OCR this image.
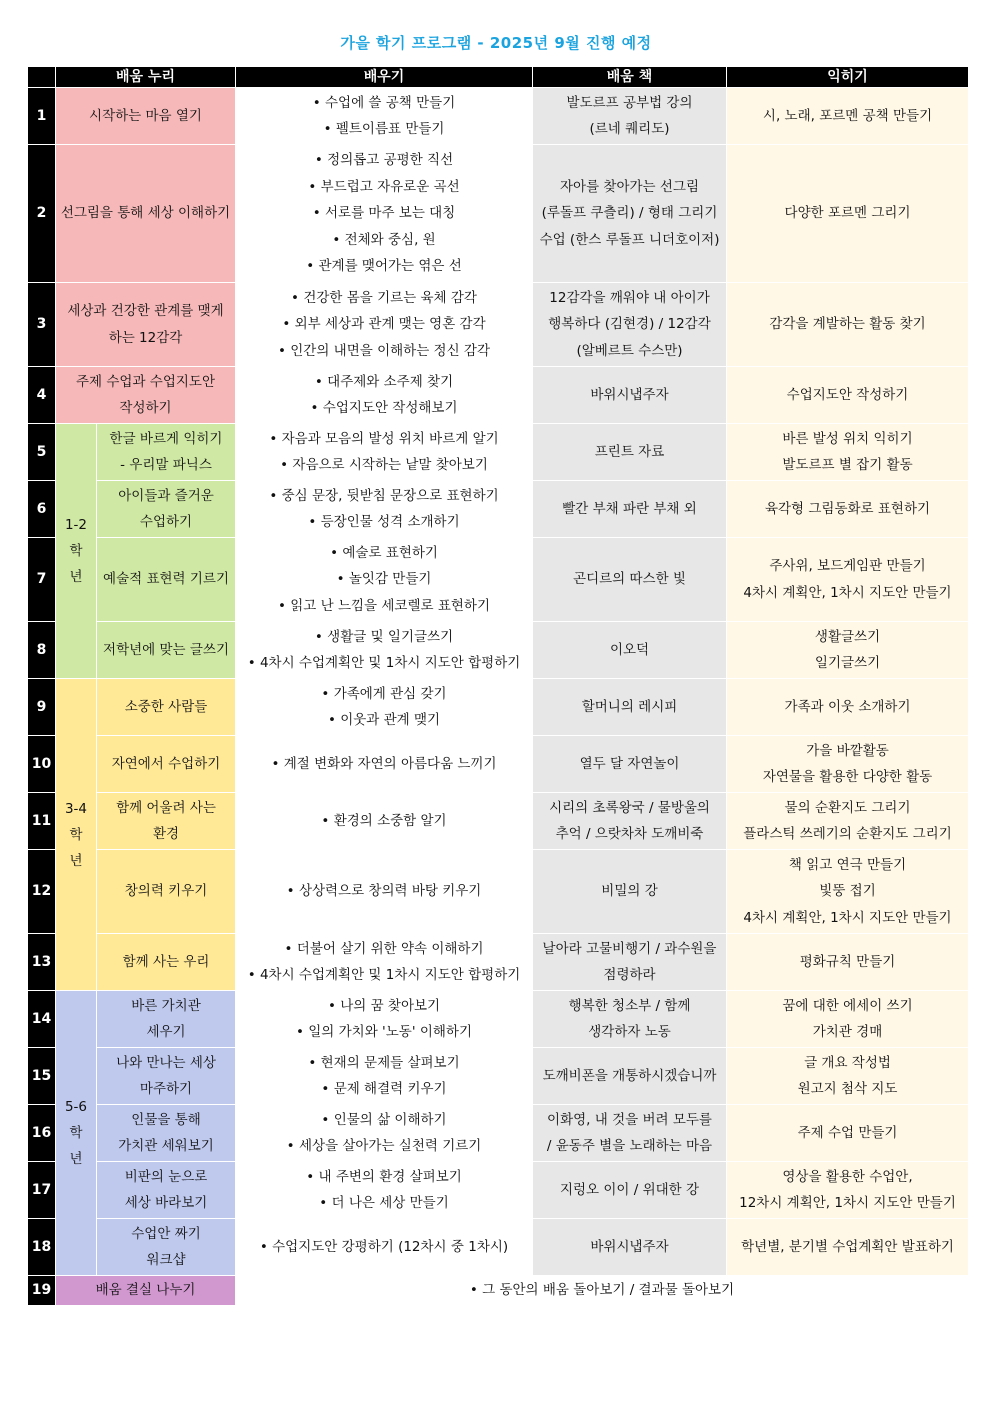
가을 학기 프로그램 - 2025년 9월 진행 예정
	배움 누리		배우기	배움 책	익히기
1	시작하는 마음 열기		• 수업에 쓸 공책 만들기
• 펠트이름표 만들기	발도르프 공부법 강의
(르네 퀘리도)	시, 노래, 포르멘 공책 만들기

2	선그림을 통해 세상 이해하기		• 정의롭고 공평한 직선
• 부드럽고 자유로운 곡선
• 서로를 마주 보는 대칭
• 전체와 중심, 원
• 관계를 맺어가는 엮은 선	자아를 찾아가는 선그림
(루돌프 쿠츨리) / 형태 그리기
수업 (한스 루돌프 니더호이저)	다양한 포르멘 그리기

3	세상과 건강한 관계를 맺게
하는 12감각		• 건강한 몸을 기르는 육체 감각
• 외부 세상과 관계 맺는 영혼 감각
• 인간의 내면을 이해하는 정신 감각	12감각을 깨워야 내 아이가
행복하다 (김현경) / 12감각
(알베르트 수스만)	감각을 계발하는 활동 찾기

4	주제 수업과 수업지도안
작성하기		• 대주제와 소주제 찾기
• 수업지도안 작성해보기	바위시냅주자	수업지도안 작성하기

5	1-2
학
년	한글 바르게 익히기
- 우리말 파닉스	• 자음과 모음의 발성 위치 바르게 알기
• 자음으로 시작하는 낱말 찾아보기	프린트 자료	바른 발성 위치 익히기
발도르프 별 잡기 활동

6		아이들과 즐거운
수업하기	• 중심 문장, 뒷받침 문장으로 표현하기
• 등장인물 성격 소개하기	빨간 부채 파란 부채 외	육각형 그림동화로 표현하기

7		예술적 표현력 기르기	• 예술로 표현하기
• 놀잇감 만들기
• 읽고 난 느낌을 세코렐로 표현하기	곤디르의 따스한 빛	주사위, 보드게임판 만들기
4차시 계획안, 1차시 지도안 만들기

8		저학년에 맞는 글쓰기	• 생활글 및 일기글쓰기
• 4차시 수업계획안 및 1차시 지도안 합평하기	이오덕	생활글쓰기
일기글쓰기

9	3-4
학
년	소중한 사람들	• 가족에게 관심 갖기
• 이웃과 관계 맺기	할머니의 레시피	가족과 이웃 소개하기

10		자연에서 수업하기	• 계절 변화와 자연의 아름다움 느끼기	열두 달 자연놀이	가을 바깥활동
자연물을 활용한 다양한 활동

11		함께 어울려 사는
환경	• 환경의 소중함 알기	시리의 초록왕국 / 물방울의
추억 / 으랏차차 도깨비죽	물의 순환지도 그리기
플라스틱 쓰레기의 순환지도 그리기

12		창의력 키우기	• 상상력으로 창의력 바탕 키우기	비밀의 강	책 읽고 연극 만들기
빛뚱 접기
4차시 계획안, 1차시 지도안 만들기

13		함께 사는 우리	• 더불어 살기 위한 약속 이해하기
• 4차시 수업계획안 및 1차시 지도안 합평하기	날아라 고물비행기 / 과수원을
점령하라	평화규칙 만들기

14	5-6
학
년	바른 가치관
세우기	• 나의 꿈 찾아보기
• 일의 가치와 '노동' 이해하기	행복한 청소부 / 함께
생각하자 노동	꿈에 대한 에세이 쓰기
가치관 경매

15		나와 만나는 세상
마주하기	• 현재의 문제들 살펴보기
• 문제 해결력 키우기	도깨비폰을 개통하시겠습니까	글 개요 작성법
원고지 첨삭 지도

16		인물을 통해
가치관 세워보기	• 인물의 삶 이해하기
• 세상을 살아가는 실천력 기르기	이화영, 내 것을 버려 모두를
/ 윤동주 별을 노래하는 마음	주제 수업 만들기

17		비판의 눈으로
세상 바라보기	• 내 주변의 환경 살펴보기
• 더 나은 세상 만들기	지렁오 이이 / 위대한 강	영상을 활용한 수업안,
12차시 계획안, 1차시 지도안 만들기

18		수업안 짜기
워크샵	• 수업지도안 강평하기 (12차시 중 1차시)	바위시냅주자	학년별, 분기별 수업계획안 발표하기

19	배움 결실 나누기		• 그 동안의 배움 돌아보기 / 결과물 돌아보기
